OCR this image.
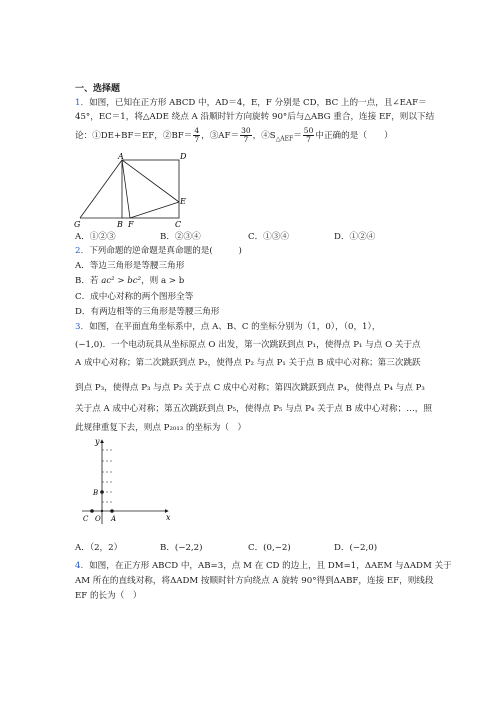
一、选择题
1．如图，已知在正方形 ABCD 中，AD＝4，E，F 分别是 CD，BC 上的一点，且∠EAF＝
45°，EC＝1，将△ADE 绕点 A 沿顺时针方向旋转 90°后与△ABG 重合，连接 EF，则以下结
论：①DE+BF＝EF，②BF＝ $\frac{4}{7}$ ，③AF＝ $\frac{30}{7}$ ，$④S_{\triangle AEF}= \frac{50}{7}$ 中正确的是（　　）
A	D
E
G	B F	C
A．①②③	B．②③④	C．①③④	D．①②④
2．下列命题的逆命题是真命题的是(　　　)
A．等边三角形是等腰三角形
B．若 ac² > bc²，则 a > b
C．成中心对称的两个图形全等
D．有两边相等的三角形是等腰三角形
3．如图，在平面直角坐标系中，点 A、B、C 的坐标分别为（1，0），（0，1），
(−1,0)．一个电动玩具从坐标原点 O 出发，第一次跳跃到点 P₁，使得点 P₁ 与点 O 关于点
A 成中心对称；第二次跳跃到点 P₂，使得点 P₂ 与点 P₁ 关于点 B 成中心对称；第三次跳跃
到点 P₃，使得点 P₃ 与点 P₂ 关于点 C 成中心对称；第四次跳跃到点 P₄，使得点 P₄ 与点 P₃
关于点 A 成中心对称；第五次跳跃到点 P₅，使得点 P₅ 与点 P₄ 关于点 B 成中心对称；…，照
此规律重复下去，则点 P₂₀₁₃ 的坐标为（　）
y
x
B
C O A
A．（2，2）	B．(−2,2)	C．(0,−2)	D．(−2,0)
4．如图，在正方形 ABCD 中，AB=3，点 M 在 CD 的边上，且 DM=1，ΔAEM 与ΔADM 关于
AM 所在的直线对称，将ΔADM 按顺时针方向绕点 A 旋转 90°得到ΔABF，连接 EF，则线段
EF 的长为（　）
